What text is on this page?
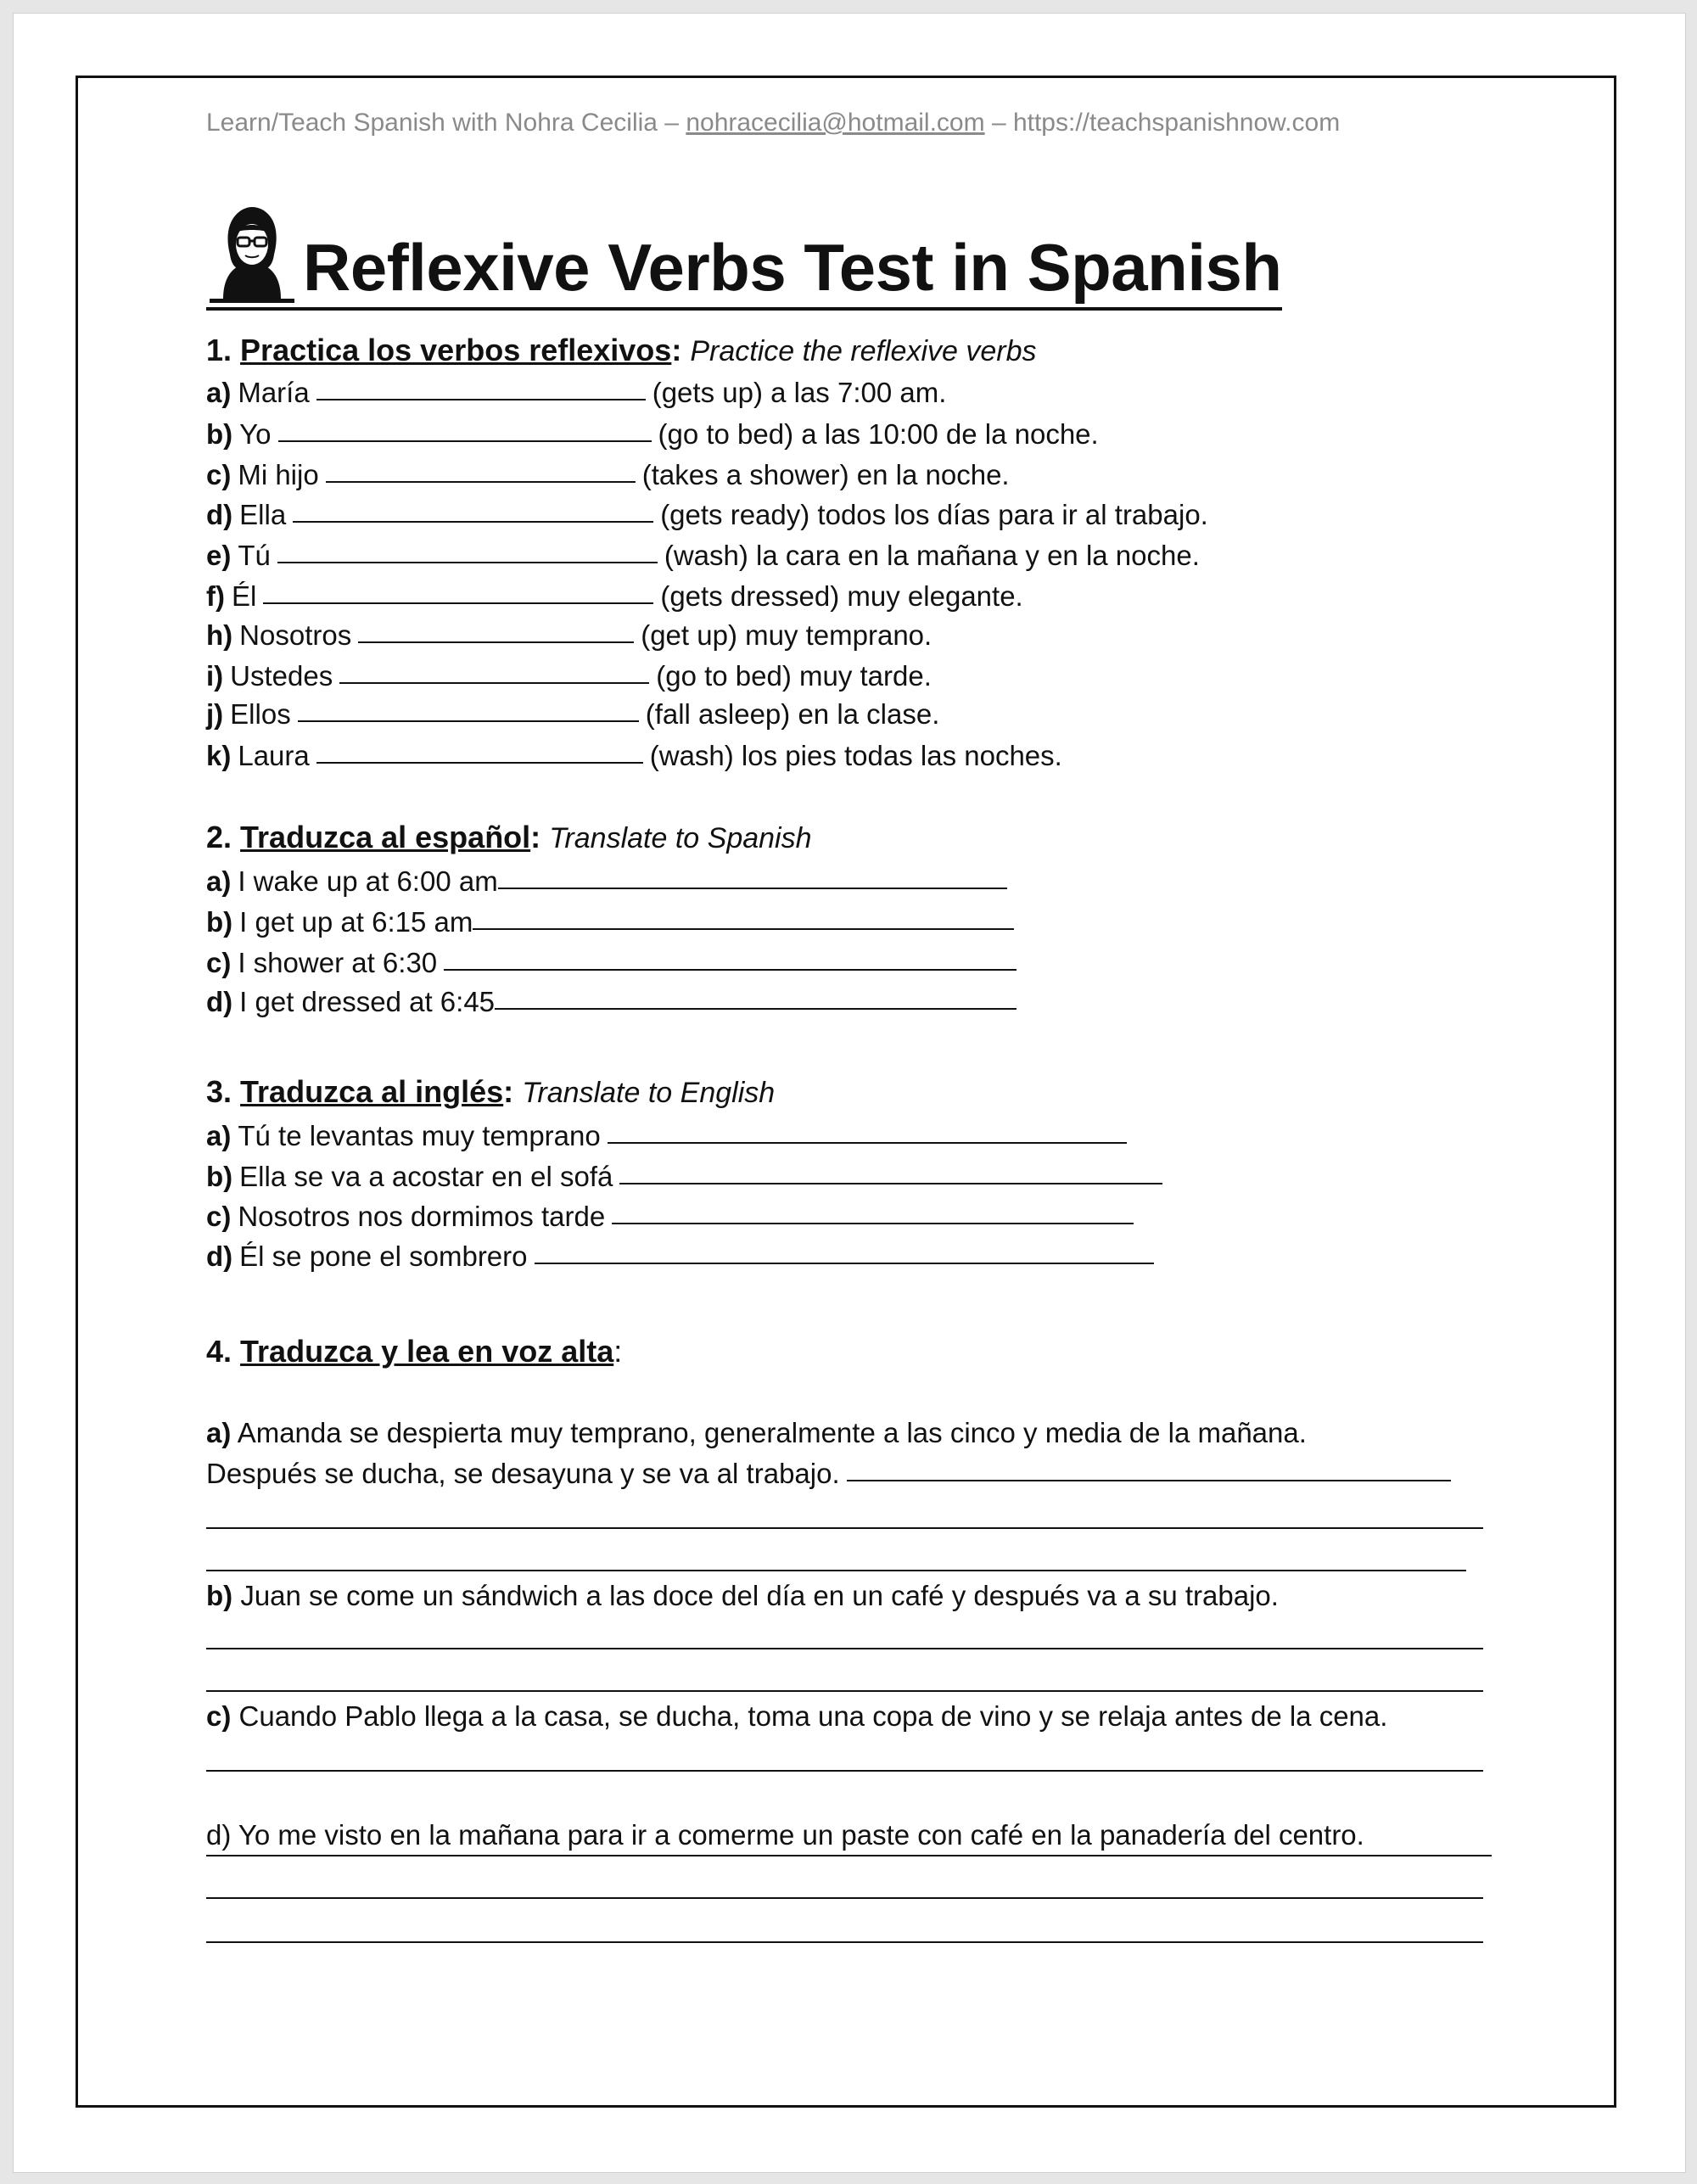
Learn/Teach Spanish with Nohra Cecilia – nohracecilia@hotmail.com – https://teachspanishnow.com
Reflexive Verbs Test in Spanish
1. Practica los verbos reflexivos: Practice the reflexive verbs
a) María	(gets up) a las 7:00 am.
b) Yo	(go to bed) a las 10:00 de la noche.
c) Mi hijo	(takes a shower) en la noche.
d) Ella	(gets ready) todos los días para ir al trabajo.
e) Tú	(wash) la cara en la mañana y en la noche.
f) Él	(gets dressed) muy elegante.
h) Nosotros	(get up) muy temprano.
i) Ustedes	(go to bed) muy tarde.
j) Ellos	(fall asleep) en la clase.
k) Laura	(wash) los pies todas las noches.
2. Traduzca al español: Translate to Spanish
a) I wake up at 6:00 am
b) I get up at 6:15 am
c) I shower at 6:30
d) I get dressed at 6:45
3. Traduzca al inglés: Translate to English
a) Tú te levantas muy temprano
b) Ella se va a acostar en el sofá
c) Nosotros nos dormimos tarde
d) Él se pone el sombrero
4. Traduzca y lea en voz alta:
a) Amanda se despierta muy temprano, generalmente a las cinco y media de la mañana.
Después se ducha, se desayuna y se va al trabajo.
b) Juan se come un sándwich a las doce del día en un café y después va a su trabajo.
c) Cuando Pablo llega a la casa, se ducha, toma una copa de vino y se relaja antes de la cena.
d) Yo me visto en la mañana para ir a comerme un paste con café en la panadería del centro.
